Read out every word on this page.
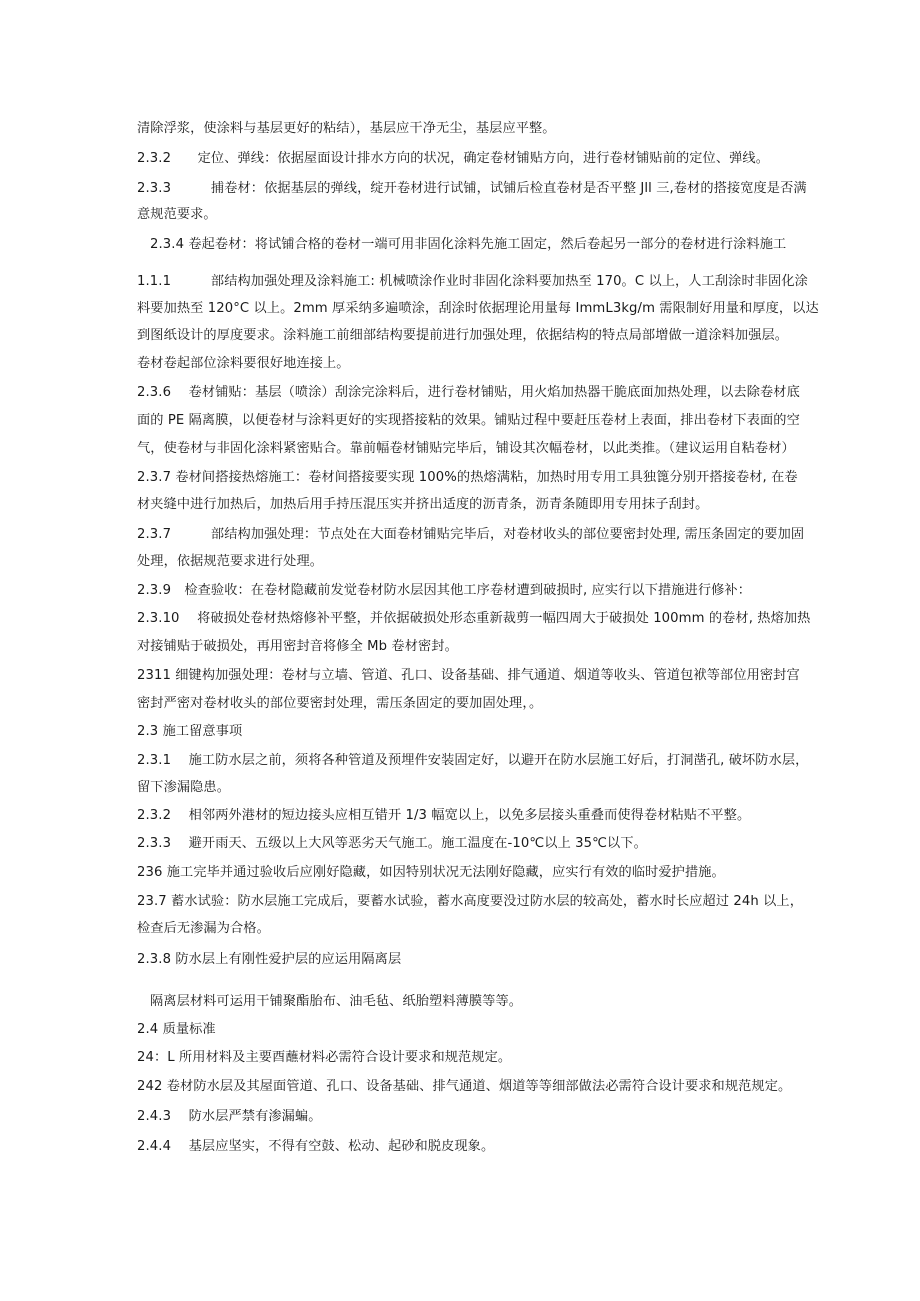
清除浮浆，使涂料与基层更好的粘结），基层应干净无尘，基层应平整。
2.3.2　　定位、弹线：依据屋面设计排水方向的状况，确定卷材铺贴方向，进行卷材铺贴前的定位、弹线。
2.3.3　　　捕卷材：依据基层的弹线，绽开卷材进行试铺，试铺后检直卷材是否平整 Jll 三,卷材的搭接宽度是否满
意规范要求。
2.3.4 卷起卷材：将试铺合格的卷材一端可用非固化涂料先施工固定，然后卷起另一部分的卷材进行涂料施工
1.1.1　　　部结构加强处理及涂料施工: 机械喷涂作业时非固化涂料要加热至 170。C 以上，人工刮涂时非固化涂
料要加热至 120°C 以上。2mm 厚采纳多遍喷涂，刮涂时依据理论用量每 ImmL3kg/m 需限制好用量和厚度，以达
到图纸设计的厚度要求。涂料施工前细部结构要提前进行加强处理，依据结构的特点局部增做一道涂料加强层。
卷材卷起部位涂料要很好地连接上。
2.3.6　 卷材铺贴：基层（喷涂）刮涂完涂料后，进行卷材铺贴，用火焰加热器干脆底面加热处理，以去除卷材底
面的 PE 隔离膜，以便卷材与涂料更好的实现搭接粘的效果。铺贴过程中要赶压卷材上表面，排出卷材下表面的空
气，使卷材与非固化涂料紧密贴合。靠前幅卷材铺贴完毕后，铺设其次幅卷材，以此类推。（建议运用自粘卷材）
2.3.7 卷材间搭接热熔施工：卷材间搭接要实现 100%的热熔满粘，加热时用专用工具独篦分别开搭接卷材, 在卷
材夹缝中进行加热后，加热后用手持压混压实并挤出适度的沥青条，沥青条随即用专用抹子刮封。
2.3.7　　　部结构加强处理：节点处在大面卷材铺贴完毕后，对卷材收头的部位要密封处理, 需压条固定的要加固
处理，依据规范要求进行处理。
2.3.9　检查验收：在卷材隐藏前发觉卷材防水层因其他工序卷材遭到破损时, 应实行以下措施进行修补：
2.3.10　 将破损处卷材热熔修补平整，并依据破损处形态重新裁剪一幅四周大于破损处 100mm 的卷材, 热熔加热
对接铺贴于破损处，再用密封音将修全 Mb 卷材密封。
2311 细键构加强处理：卷材与立墙、管道、孔口、设备基础、排气通道、烟道等收头、管道包袱等部位用密封宫
密封严密对卷材收头的部位要密封处理，需压条固定的要加固处理，。
2.3 施工留意事项
2.3.1　 施工防水层之前，须将各种管道及预埋件安装固定好，以避开在防水层施工好后，打洞凿孔, 破坏防水层，
留下渗漏隐患。
2.3.2　 相邻两外港材的短边接头应相互错开 1/3 幅宽以上，以免多层接头重叠而使得卷材粘贴不平整。
2.3.3　 避开雨天、五级以上大风等恶劣天气施工。施工温度在-10℃以上 35℃以下。
236 施工完毕并通过验收后应刚好隐藏，如因特别状况无法刚好隐藏，应实行有效的临时爱护措施。
23.7 蓄水试验：防水层施工完成后，要蓄水试验，蓄水高度要没过防水层的较高处，蓄水时长应超过 24h 以上，
检查后无渗漏为合格。
2.3.8 防水层上有刚性爱护层的应运用隔离层
隔离层材料可运用干铺聚酯胎布、油毛毡、纸胎塑料薄膜等等。
2.4 质量标准
24：L 所用材料及主要酉蘸材料必需符合设计要求和规范规定。
242 卷材防水层及其屋面管道、孔口、设备基础、排气通道、烟道等等细部做法必需符合设计要求和规范规定。
2.4.3　 防水层严禁有渗漏蝙。
2.4.4　 基层应坚实，不得有空鼓、松动、起砂和脱皮现象。
